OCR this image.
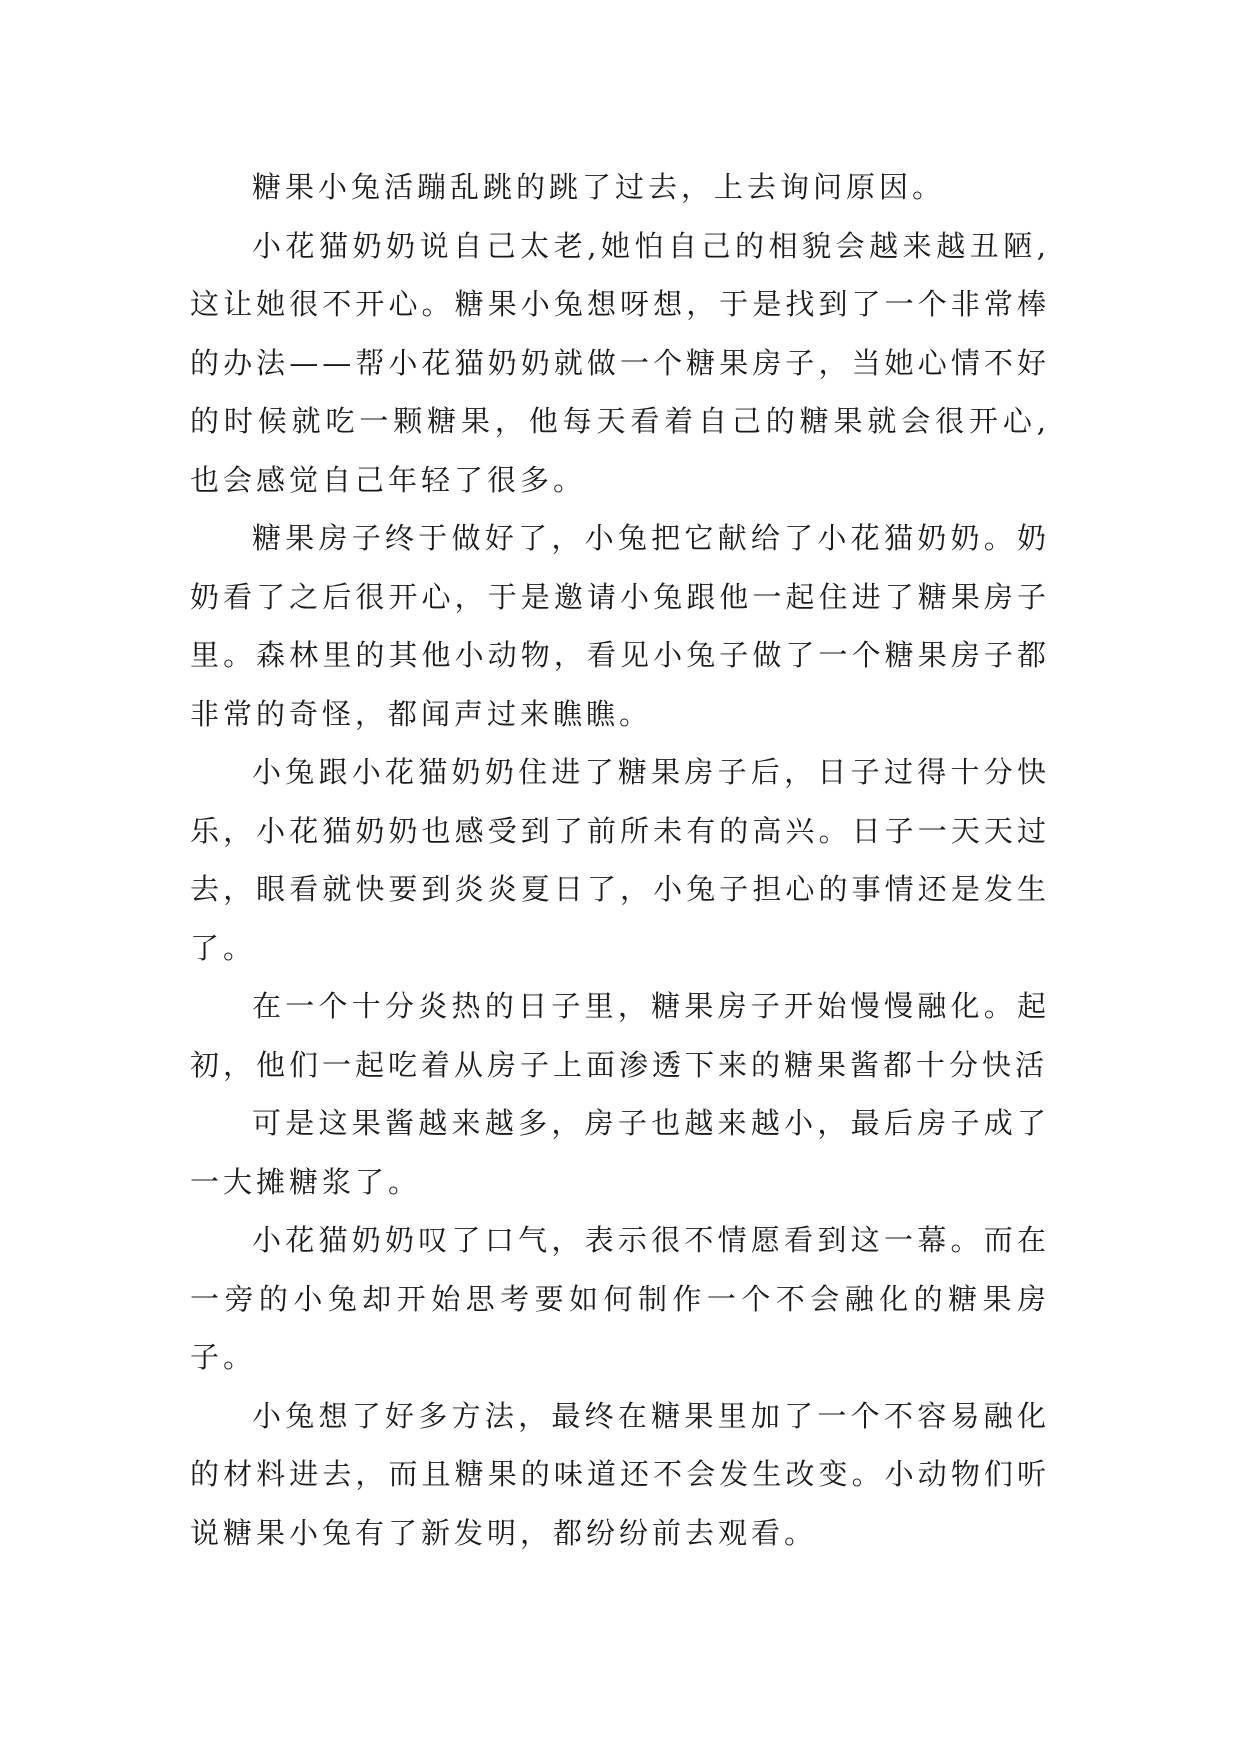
糖果小兔活蹦乱跳的跳了过去，上去询问原因。

小花猫奶奶说自己太老,她怕自己的相貌会越来越丑陋,这让她很不开心。糖果小兔想呀想，于是找到了一个非常棒的办法——帮小花猫奶奶就做一个糖果房子，当她心情不好的时候就吃一颗糖果，他每天看着自己的糖果就会很开心,也会感觉自己年轻了很多。

糖果房子终于做好了，小兔把它献给了小花猫奶奶。奶奶看了之后很开心，于是邀请小兔跟他一起住进了糖果房子里。森林里的其他小动物，看见小兔子做了一个糖果房子都非常的奇怪，都闻声过来瞧瞧。

小兔跟小花猫奶奶住进了糖果房子后，日子过得十分快乐，小花猫奶奶也感受到了前所未有的高兴。日子一天天过去，眼看就快要到炎炎夏日了，小兔子担心的事情还是发生了。

在一个十分炎热的日子里，糖果房子开始慢慢融化。起初，他们一起吃着从房子上面渗透下来的糖果酱都十分快活

可是这果酱越来越多，房子也越来越小，最后房子成了一大摊糖浆了。

小花猫奶奶叹了口气，表示很不情愿看到这一幕。而在一旁的小兔却开始思考要如何制作一个不会融化的糖果房子。

小兔想了好多方法，最终在糖果里加了一个不容易融化的材料进去，而且糖果的味道还不会发生改变。小动物们听说糖果小兔有了新发明，都纷纷前去观看。
